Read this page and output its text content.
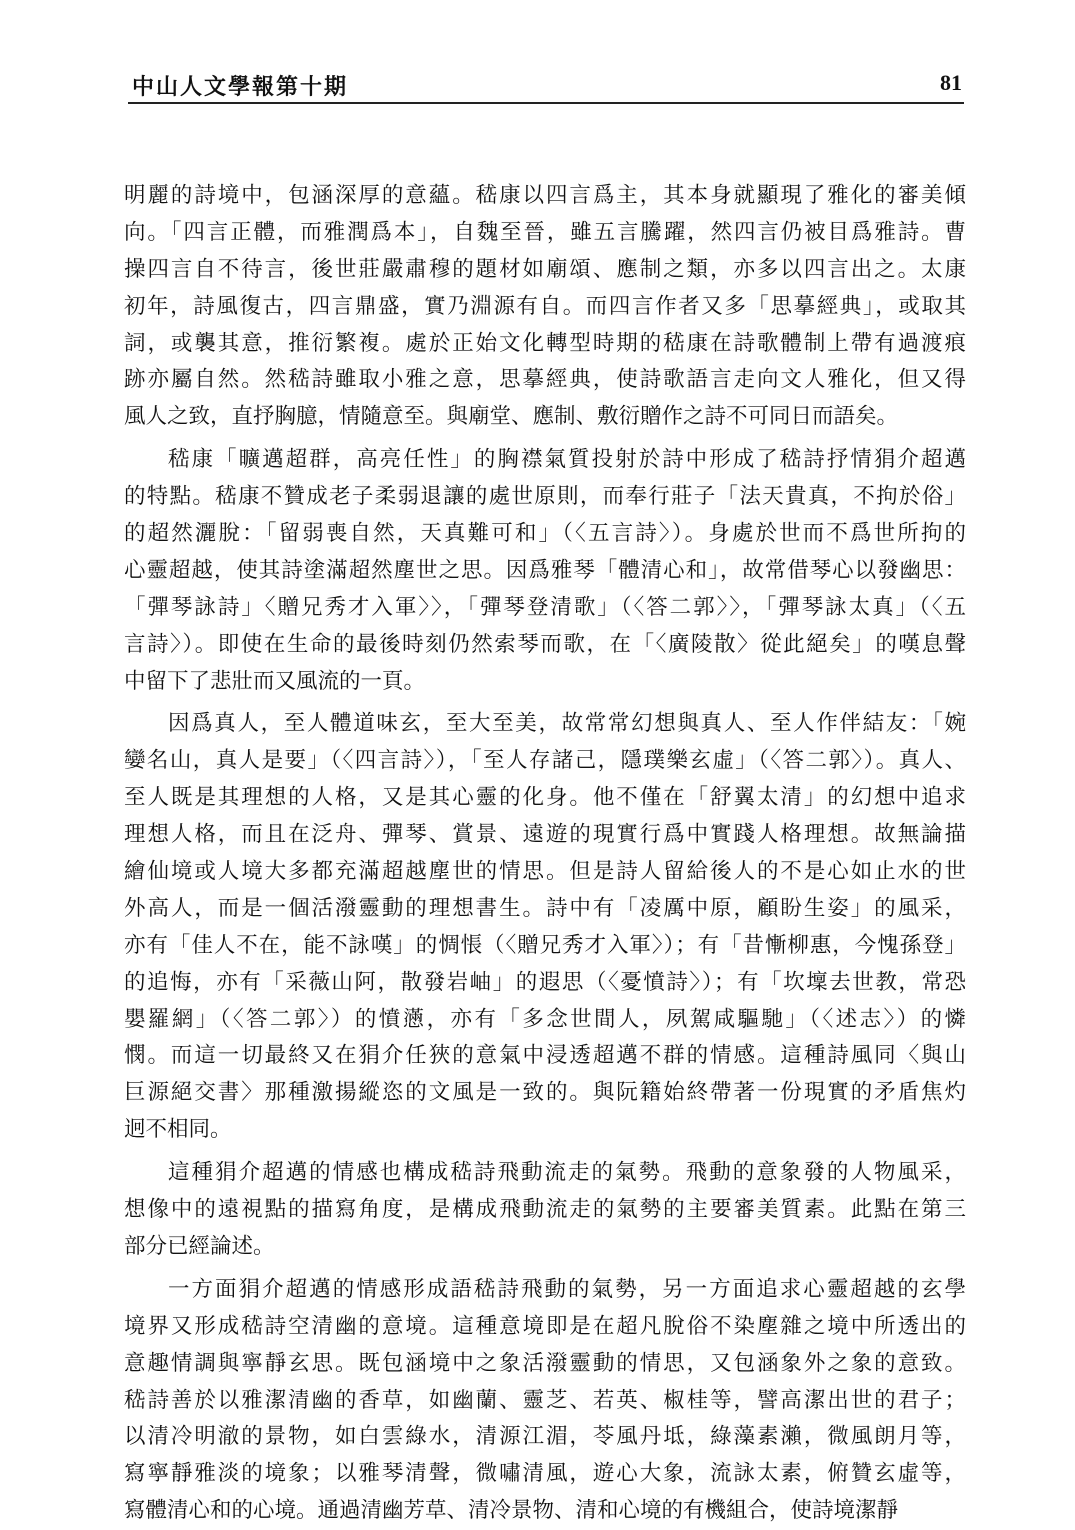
中山人文學報第十期	81
明麗的詩境中，包涵深厚的意蘊。嵇康以四言爲主，其本身就顯現了雅化的審美傾
向。「四言正體，而雅潤爲本」，自魏至晉，雖五言騰躍，然四言仍被目爲雅詩。曹
操四言自不待言，後世莊嚴肅穆的題材如廟頌、應制之類，亦多以四言出之。太康
初年，詩風復古，四言鼎盛，實乃淵源有自。而四言作者又多「思摹經典」，或取其
詞，或襲其意，推衍繁複。處於正始文化轉型時期的嵇康在詩歌體制上帶有過渡痕
跡亦屬自然。然嵇詩雖取小雅之意，思摹經典，使詩歌語言走向文人雅化，但又得
風人之致，直抒胸臆，情隨意至。與廟堂、應制、敷衍贈作之詩不可同日而語矣。
嵇康「曠邁超群，高亮任性」的胸襟氣質投射於詩中形成了嵇詩抒情狷介超邁
的特點。嵇康不贊成老子柔弱退讓的處世原則，而奉行莊子「法天貴真，不拘於俗」
的超然灑脫：「留弱喪自然，天真難可和」（〈五言詩〉）。身處於世而不爲世所拘的
心靈超越，使其詩塗滿超然塵世之思。因爲雅琴「體清心和」，故常借琴心以發幽思：
「彈琴詠詩」〈贈兄秀才入軍〉〉，「彈琴登清歌」（〈答二郭〉〉，「彈琴詠太真」（〈五
言詩〉）。即使在生命的最後時刻仍然索琴而歌，在「〈廣陵散〉從此絕矣」的嘆息聲
中留下了悲壯而又風流的一頁。
因爲真人，至人體道味玄，至大至美，故常常幻想與真人、至人作伴結友：「婉
孌名山，真人是要」（〈四言詩〉），「至人存諸己，隱璞樂玄虛」（〈答二郭〉）。真人、
至人既是其理想的人格，又是其心靈的化身。他不僅在「舒翼太清」的幻想中追求
理想人格，而且在泛舟、彈琴、賞景、遠遊的現實行爲中實踐人格理想。故無論描
繪仙境或人境大多都充滿超越塵世的情思。但是詩人留給後人的不是心如止水的世
外高人，而是一個活潑靈動的理想書生。詩中有「凌厲中原，顧盼生姿」的風采，
亦有「佳人不在，能不詠嘆」的惆悵（〈贈兄秀才入軍〉）；有「昔慚柳惠，今愧孫登」
的追悔，亦有「采薇山阿，散發岩岫」的遐思（〈憂憤詩〉）；有「坎壈去世教，常恐
嬰羅網」（〈答二郭〉）的憤懣，亦有「多念世間人，夙駕咸驅馳」（〈述志〉）的憐
憫。而這一切最終又在狷介任狹的意氣中浸透超邁不群的情感。這種詩風同〈與山
巨源絕交書〉那種激揚縱恣的文風是一致的。與阮籍始終帶著一份現實的矛盾焦灼
迥不相同。
這種狷介超邁的情感也構成嵇詩飛動流走的氣勢。飛動的意象發的人物風采，
想像中的遠視點的描寫角度，是構成飛動流走的氣勢的主要審美質素。此點在第三
部分已經論述。
一方面狷介超邁的情感形成語嵇詩飛動的氣勢，另一方面追求心靈超越的玄學
境界又形成嵇詩空清幽的意境。這種意境即是在超凡脫俗不染塵雜之境中所透出的
意趣情調與寧靜玄思。既包涵境中之象活潑靈動的情思，又包涵象外之象的意致。
嵇詩善於以雅潔清幽的香草，如幽蘭、靈芝、若英、椒桂等，譬高潔出世的君子；
以清冷明澈的景物，如白雲綠水，清源江湄，苓風丹坻，綠藻素瀨，微風朗月等，
寫寧靜雅淡的境象；以雅琴清聲，微嘯清風，遊心大象，流詠太素，俯贊玄虛等，
寫體清心和的心境。通過清幽芳草、清冷景物、清和心境的有機組合，使詩境潔靜
